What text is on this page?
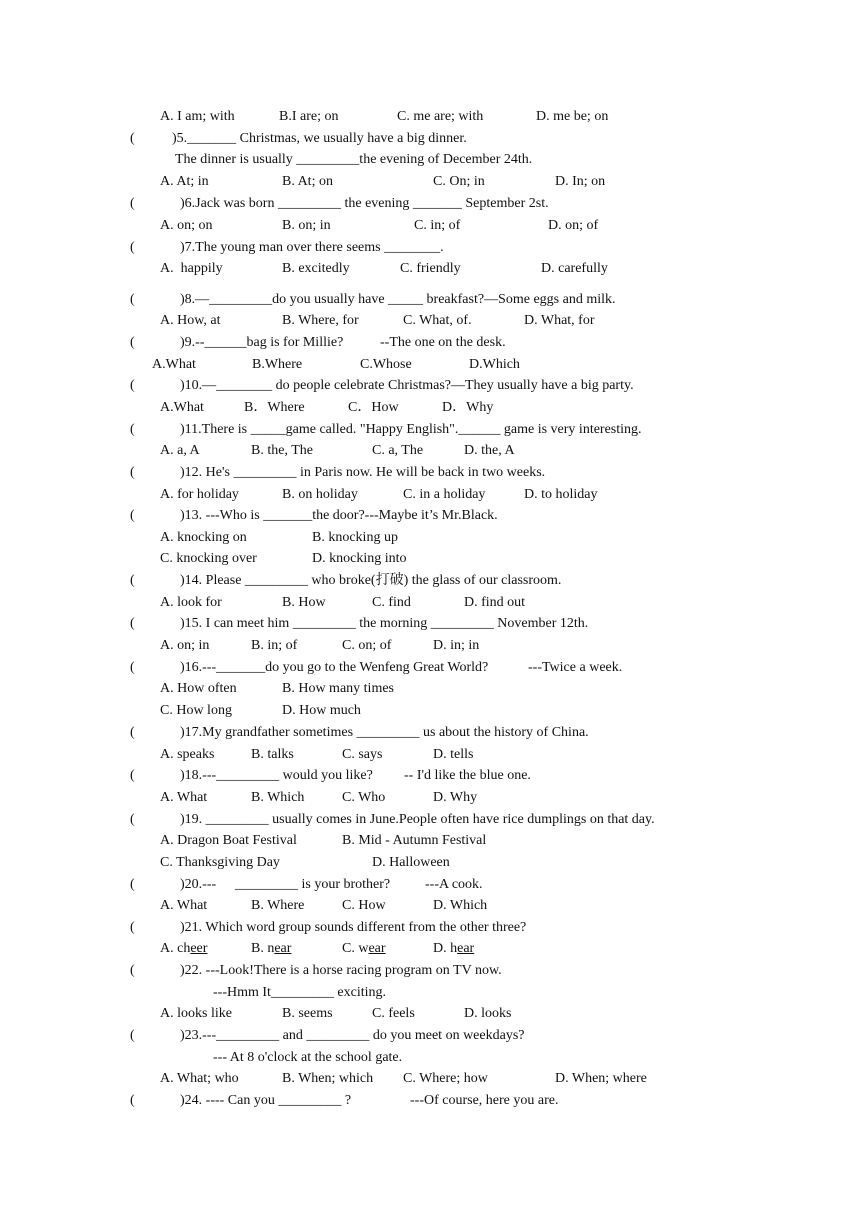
A. I am; with	B.I are; on	C. me are; with	D. me be; on
(	)5._______ Christmas, we usually have a big dinner.
The dinner is usually _________the evening of December 24th.
A. At; in	B. At; on	C. On; in	D. In; on
(	)6.Jack was born _________ the evening _______ September 2st.
A. on; on	B. on; in	C. in; of	D. on; of
(	)7.The young man over there seems ________.
A.  happily	B. excitedly	C. friendly	D. carefully
(	)8.—_________do you usually have _____ breakfast?—Some eggs and milk.
A. How, at	B. Where, for	C. What, of.	D. What, for
(	)9.--______bag is for Millie?	--The one on the desk.
A.What	B.Where	C.Whose	D.Which
(	)10.—________ do people celebrate Christmas?—They usually have a big party.
A.What	B．Where	C．How	D．Why
(	)11.There is _____game called. "Happy English".______ game is very interesting.
A. a, A	B. the, The	C. a, The	D. the, A
(	)12. He's _________ in Paris now. He will be back in two weeks.
A. for holiday	B. on holiday	C. in a holiday	D. to holiday
(	)13. ---Who is _______the door?---Maybe it’s Mr.Black.
A. knocking on	B. knocking up
C. knocking over	D. knocking into
(	)14. Please _________ who broke(打破) the glass of our classroom.
A. look for	B. How	C. find	D. find out
(	)15. I can meet him _________ the morning _________ November 12th.
A. on; in	B. in; of	C. on; of	D. in; in
(	)16.---_______do you go to the Wenfeng Great World?	---Twice a week.
A. How often	B. How many times
C. How long	D. How much
(	)17.My grandfather sometimes _________ us about the history of China.
A. speaks	B. talks	C. says	D. tells
(	)18.---_________ would you like? -- I'd like the blue one.
A. What	B. Which	C. Who	D. Why
(	)19. _________ usually comes in June.People often have rice dumplings on that day.
A. Dragon Boat Festival	B. Mid - Autumn Festival
C. Thanksgiving Day	D. Halloween
(	)20.--- _________ is your brother? ---A cook.
A. What	B. Where	C. How	D. Which
(	)21. Which word group sounds different from the other three?
A. cheer	B. near	C. wear	D. hear
(	)22. ---Look!There is a horse racing program on TV now.
---Hmm It_________ exciting.
A. looks like	B. seems	C. feels	D. looks
(	)23.---_________ and _________ do you meet on weekdays?
--- At 8 o'clock at the school gate.
A. What; who	B. When; which C. Where; how	D. When; where
(	)24. ---- Can you _________ ?	---Of course, here you are.
